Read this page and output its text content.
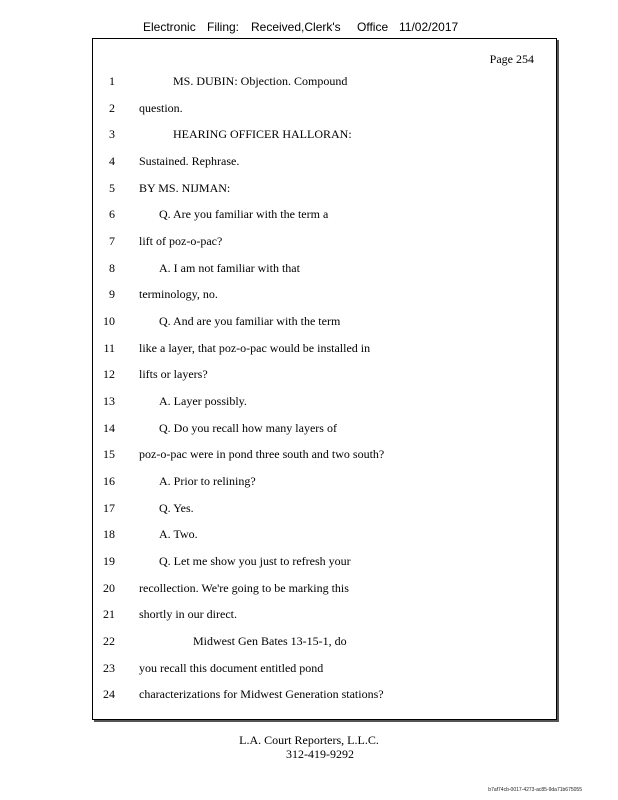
Electronic Filing: Received,Clerk's Office 11/02/2017
Page 254
1	MS. DUBIN: Objection. Compound
2 question.
3	HEARING OFFICER HALLORAN:
4 Sustained. Rephrase.
5 BY MS. NIJMAN:
6	Q. Are you familiar with the term a
7 lift of poz-o-pac?
8	A. I am not familiar with that
9 terminology, no.
10	Q. And are you familiar with the term
11 like a layer, that poz-o-pac would be installed in
12 lifts or layers?
13	A. Layer possibly.
14	Q. Do you recall how many layers of
15 poz-o-pac were in pond three south and two south?
16	A. Prior to relining?
17	Q. Yes.
18	A. Two.
19	Q. Let me show you just to refresh your
20 recollection. We're going to be marking this
21 shortly in our direct.
22	Midwest Gen Bates 13-15-1, do
23 you recall this document entitled pond
24 characterizations for Midwest Generation stations?
L.A. Court Reporters, L.L.C.
312-419-9292
b7af74cb-0017-4273-ac85-9da71b675055
